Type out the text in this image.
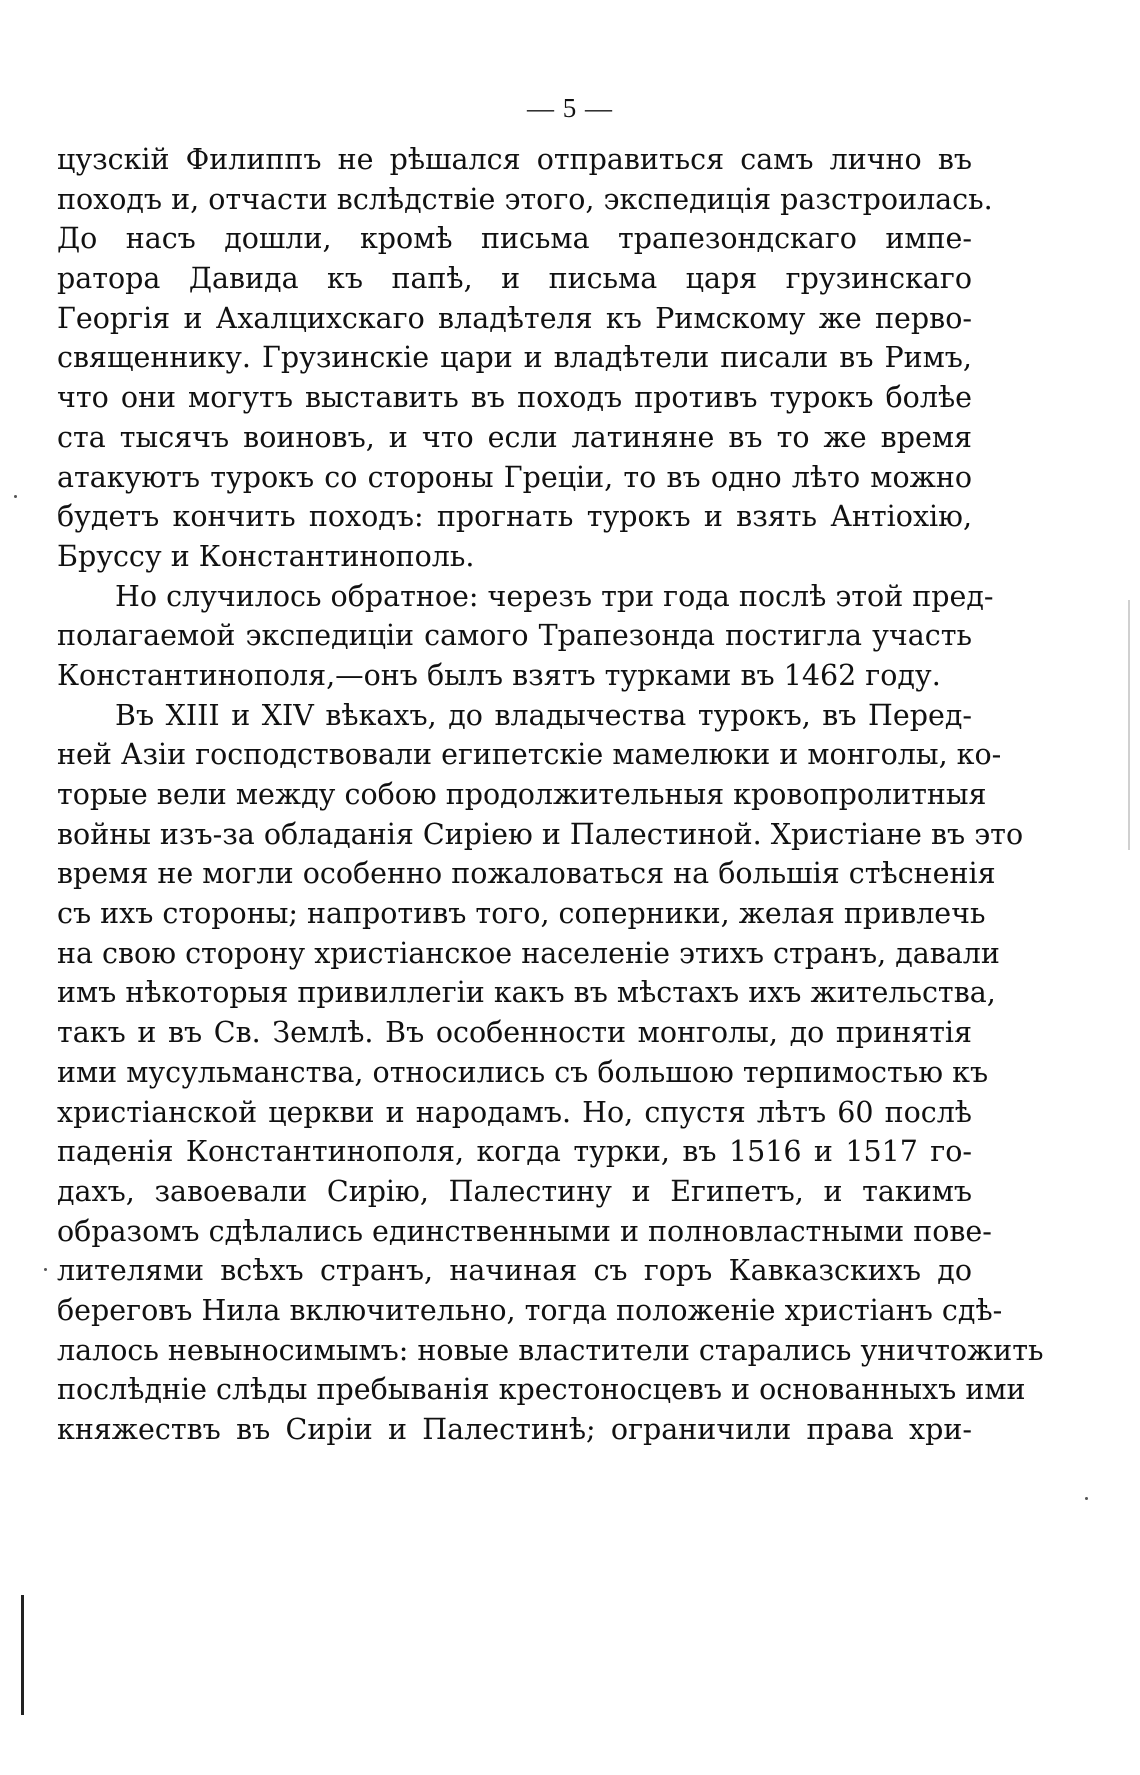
— 5 —
цузскій Филиппъ не рѣшался отправиться самъ лично въ
походъ и, отчасти вслѣдствіе этого, экспедиція разстроилась.
До насъ дошли, кромѣ письма трапезондскаго импе-
ратора Давида къ папѣ, и письма царя грузинскаго
Георгія и Ахалцихскаго владѣтеля къ Римскому же перво-
священнику. Грузинскіе цари и владѣтели писали въ Римъ,
что они могутъ выставить въ походъ противъ турокъ болѣе
ста тысячъ воиновъ, и что если латиняне въ то же время
атакуютъ турокъ со стороны Греціи, то въ одно лѣто можно
будетъ кончить походъ: прогнать турокъ и взять Антіохію,
Бруссу и Константинополь.
Но случилось обратное: черезъ три года послѣ этой пред-
полагаемой экспедиціи самого Трапезонда постигла участь
Константинополя,—онъ былъ взятъ турками въ 1462 году.
Въ XIII и XIV вѣкахъ, до владычества турокъ, въ Перед-
ней Азіи господствовали египетскіе мамелюки и монголы, ко-
торые вели между собою продолжительныя кровопролитныя
войны изъ-за обладанія Сиріею и Палестиной. Христіане въ это
время не могли особенно пожаловаться на большія стѣсненія
съ ихъ стороны; напротивъ того, соперники, желая привлечь
на свою сторону христіанское населеніе этихъ странъ, давали
имъ нѣкоторыя привиллегіи какъ въ мѣстахъ ихъ жительства,
такъ и въ Св. Землѣ. Въ особенности монголы, до принятія
ими мусульманства, относились съ большою терпимостью къ
христіанской церкви и народамъ. Но, спустя лѣтъ 60 послѣ
паденія Константинополя, когда турки, въ 1516 и 1517 го-
дахъ, завоевали Сирію, Палестину и Египетъ, и такимъ
образомъ сдѣлались единственными и полновластными пове-
лителями всѣхъ странъ, начиная съ горъ Кавказскихъ до
береговъ Нила включительно, тогда положеніе христіанъ сдѣ-
лалось невыносимымъ: новые властители старались уничтожить
послѣдніе слѣды пребыванія крестоносцевъ и основанныхъ ими
княжествъ въ Сиріи и Палестинѣ; ограничили права хри-
